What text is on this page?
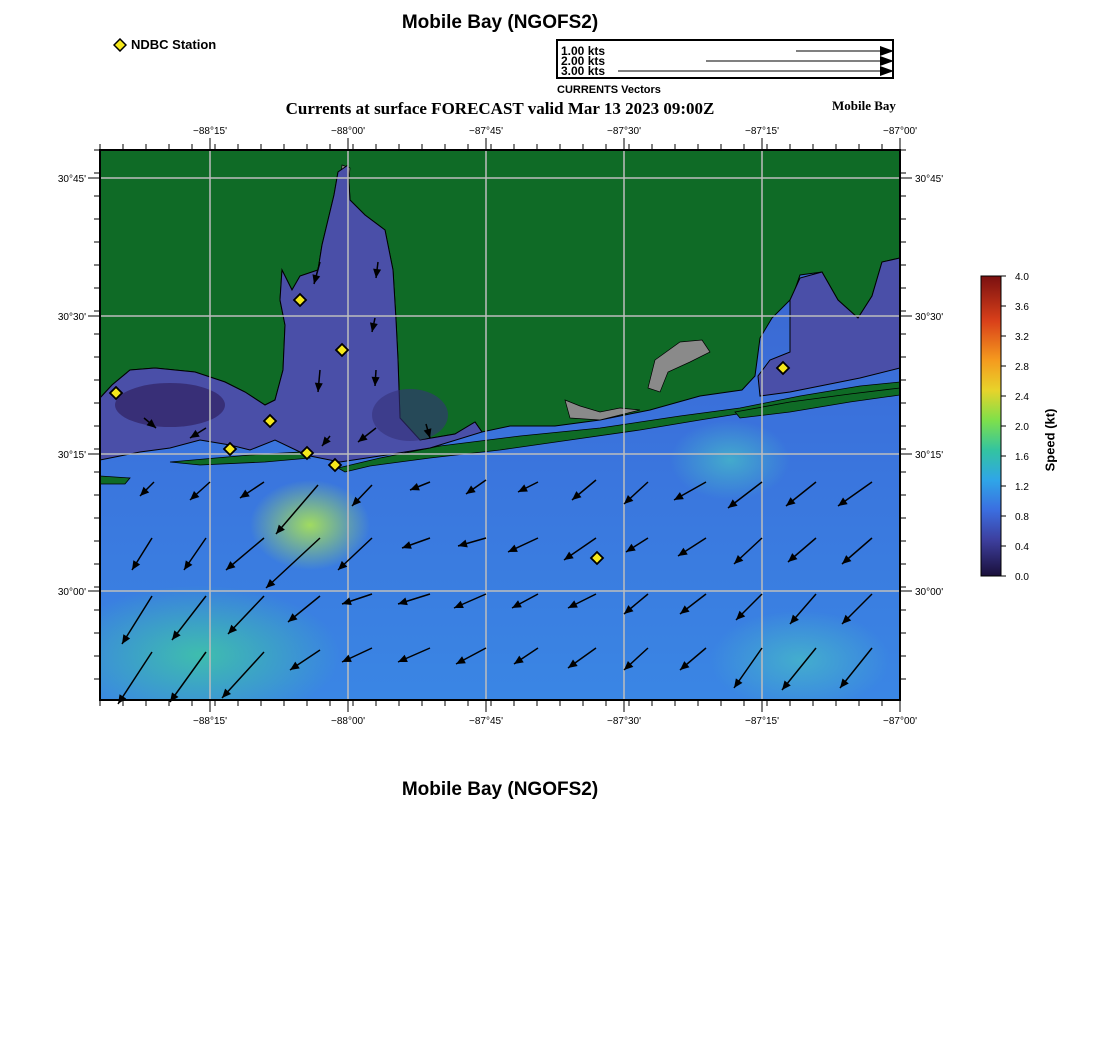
Mobile Bay (NGOFS2)
NDBC Station	1.00 kts
2.00 kts
3.00 kts
CURRENTS Vectors
Currents at surface FORECAST valid Mar 13 2023 09:00Z	Mobile Bay
−88°15'	−88°00'	−87°45'	−87°30'	−87°15'	−87°00'
−88°15'	−88°00'	−87°45'	−87°30'	−87°15'	−87°00'
30°45'
30°30'
30°15'
30°00'
30°45'
30°30'
30°15'
30°00'
4.0
3.6
3.2
2.8
2.4
2.0
1.6
1.2
0.8
0.4
0.0
Speed (kt)
Mobile Bay (NGOFS2)
